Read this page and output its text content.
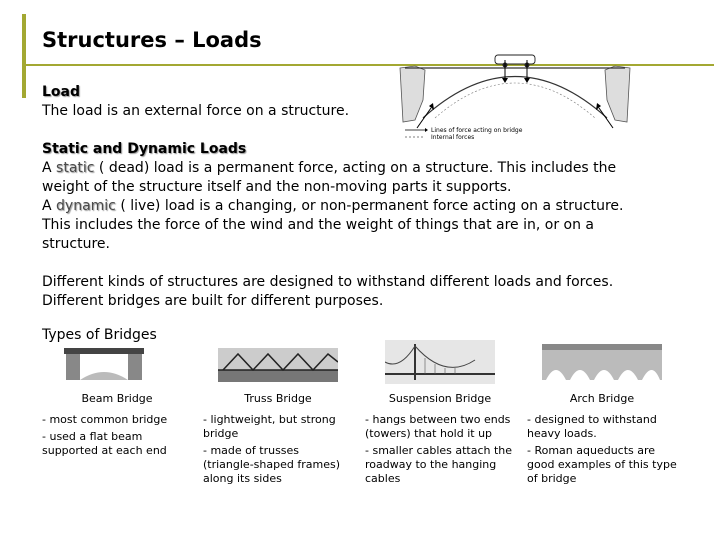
Structures – Loads
Load
The load is an external force on a structure.
Static and Dynamic Loads
A static ( dead) load is a permanent force, acting on a structure. This includes the
weight of the structure itself and the non-moving parts it supports.
A dynamic ( live) load is a changing, or non-permanent force acting on a structure.
This includes the force of the wind and the weight of things that are in, or on a
structure.
Different kinds of structures are designed to withstand different loads and forces.
Different bridges are built for different purposes.
Types of Bridges
Lines of force acting on bridge
Internal forces
Beam Bridge
- most common bridge
- used a flat beam supported at each end
Truss Bridge
- lightweight, but strong bridge
- made of trusses (triangle-shaped frames) along its sides
Suspension Bridge
- hangs between two ends (towers) that hold it up
- smaller cables attach the roadway to the hanging cables
Arch Bridge
- designed to withstand heavy loads.
- Roman aqueducts are good examples of this type of bridge
